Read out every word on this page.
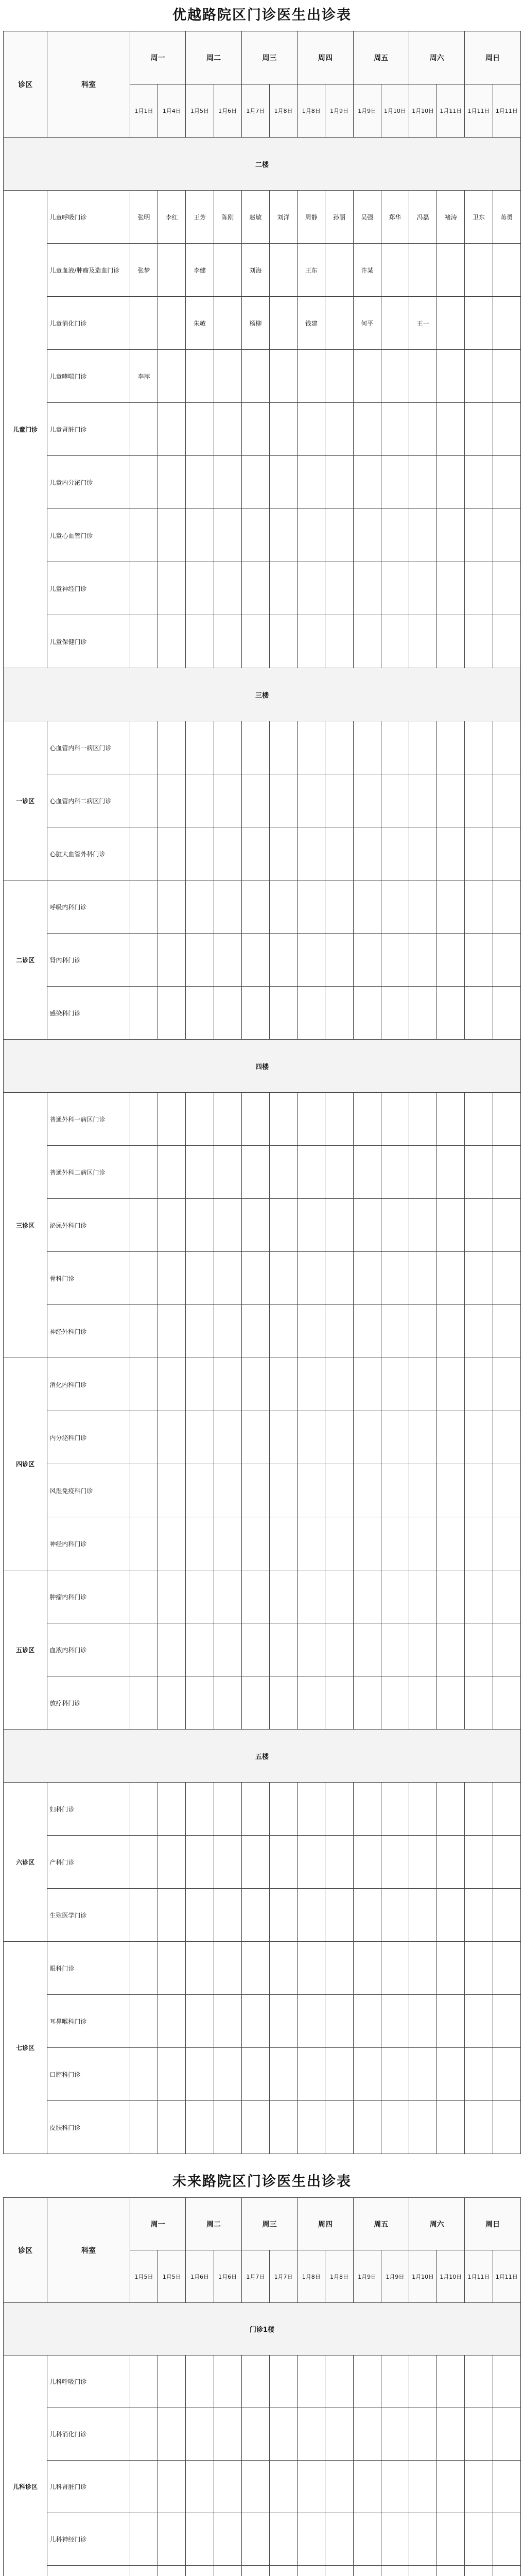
优越路院区门诊医生出诊表
诊区	科室	周一		周二		周三		周四		周五		周六		周日	
		1月1日	1月4日	1月5日	1月6日	1月7日	1月8日	1月8日	1月9日	1月9日	1月10日	1月10日	1月11日	1月11日	1月11日
二楼															
儿童门诊	儿童呼吸门诊	张明	李红	王芳	陈刚	赵敏	刘洋	周静	孙丽	吴强	郑华	冯磊	褚涛	卫东	蒋勇
	儿童血液/肿瘤及造血门诊	张梦		李健		刘海		王东		许某					
	儿童消化门诊			朱敏		杨柳		钱建		何平		王一			
	儿童哮喘门诊	李萍													
	儿童肾脏门诊														
	儿童内分泌门诊														
	儿童心血管门诊														
	儿童神经门诊														
	儿童保健门诊														
三楼															
一诊区	心血管内科一病区门诊														
	心血管内科二病区门诊														
	心脏大血管外科门诊														
二诊区	呼吸内科门诊														
	肾内科门诊														
	感染科门诊														
四楼															
三诊区	普通外科一病区门诊														
	普通外科二病区门诊														
	泌尿外科门诊														
	骨科门诊														
	神经外科门诊														
四诊区	消化内科门诊														
	内分泌科门诊														
	风湿免疫科门诊														
	神经内科门诊														
五诊区	肿瘤内科门诊														
	血液内科门诊														
	放疗科门诊														
五楼															
六诊区	妇科门诊														
	产科门诊														
	生殖医学门诊														
七诊区	眼科门诊														
	耳鼻喉科门诊														
	口腔科门诊														
	皮肤科门诊														
未来路院区门诊医生出诊表
诊区	科室	周一		周二		周三		周四		周五		周六		周日	
		1月5日	1月5日	1月6日	1月6日	1月7日	1月7日	1月8日	1月8日	1月9日	1月9日	1月10日	1月10日	1月11日	1月11日
门诊1楼															
儿科诊区	儿科呼吸门诊														
	儿科消化门诊														
	儿科肾脏门诊														
	儿科神经门诊														
